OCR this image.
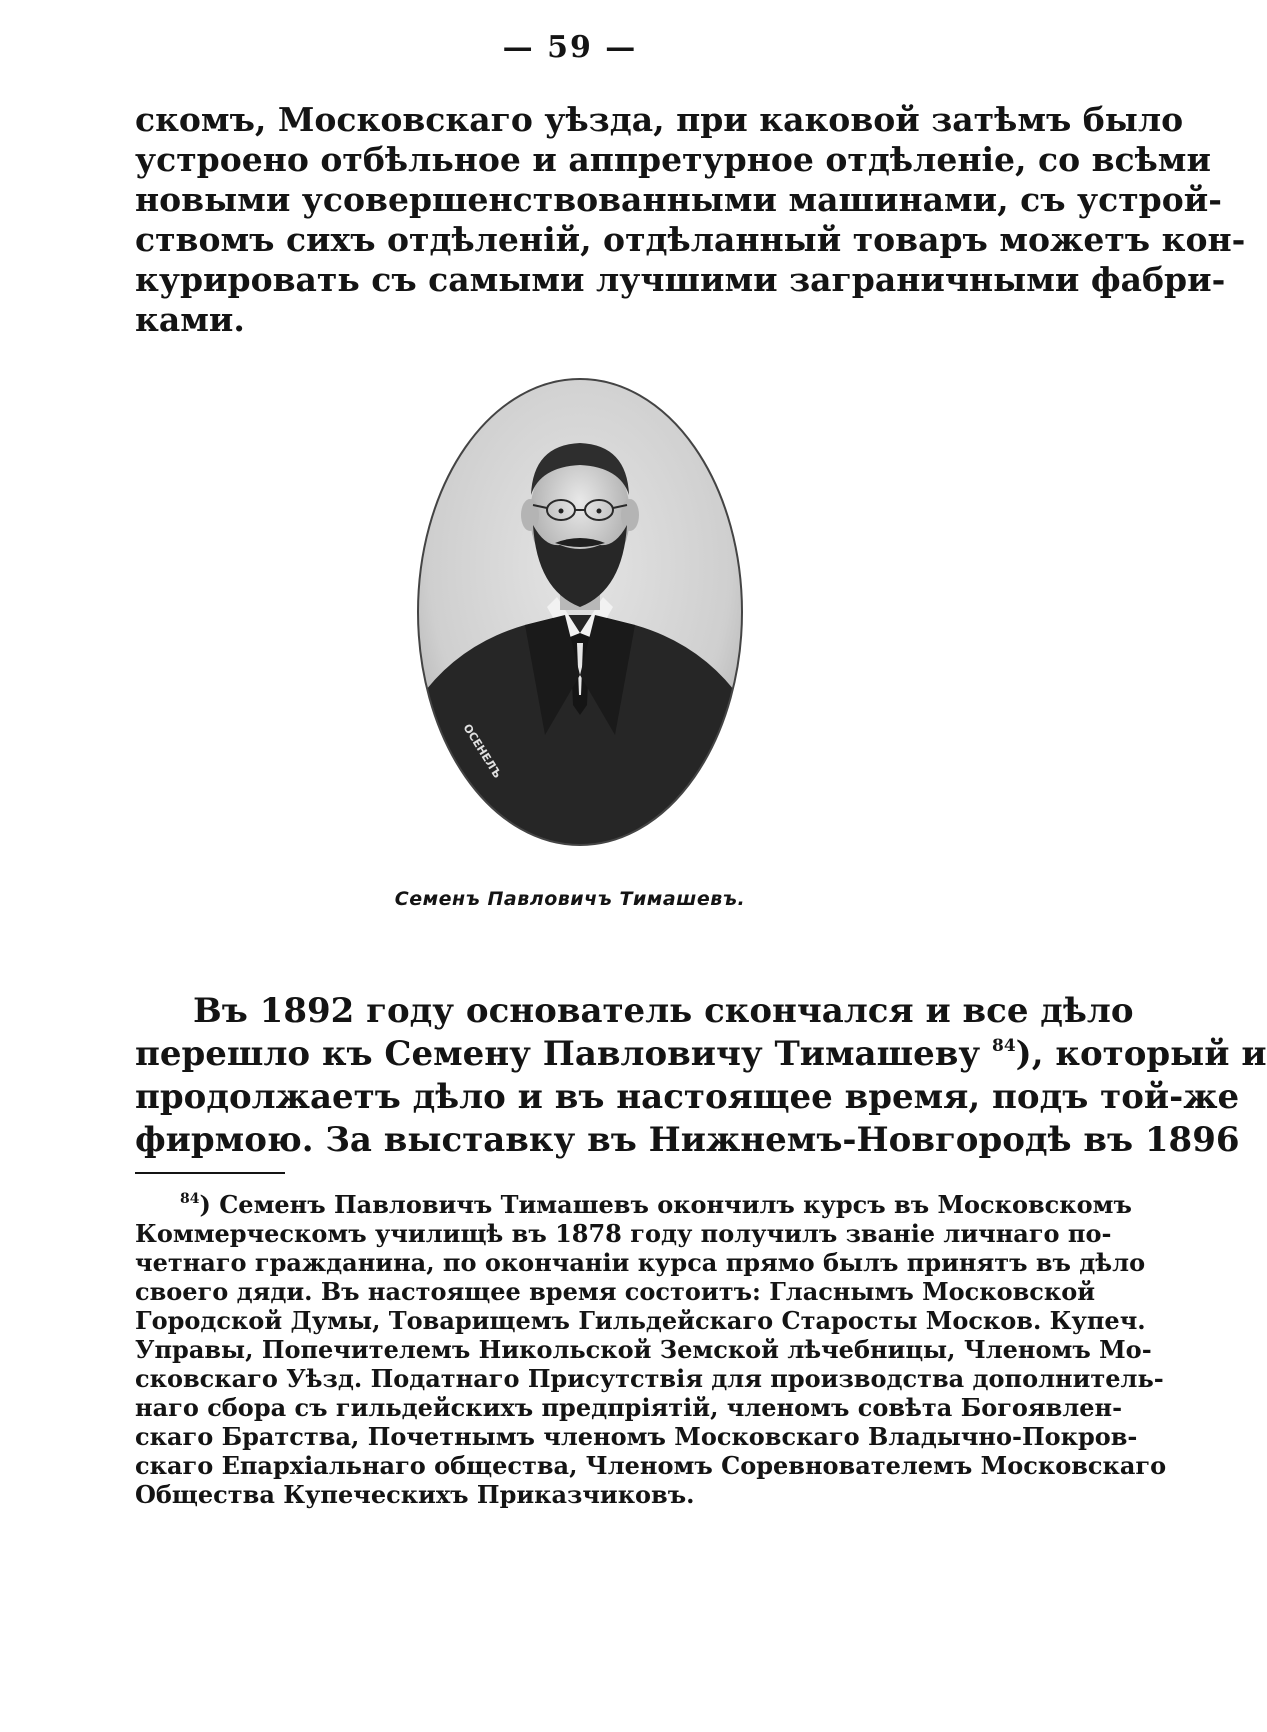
— 59 —
скомъ, Московскаго уѣзда, при каковой затѣмъ было
устроено отбѣльное и аппретурное отдѣленіе, со всѣми
новыми усовершенствованными машинами, съ устрой-
ствомъ сихъ отдѣленій, отдѣланный товаръ можетъ кон-
курировать съ самыми лучшими заграничными фабри-
ками.
ОСЕНЕЛЪ
Семенъ Павловичъ Тимашевъ.
Въ 1892 году основатель скончался и все дѣло
перешло къ Семену Павловичу Тимашеву $^{84}$), который и
продолжаетъ дѣло и въ настоящее время, подъ той-же
фирмою. За выставку въ Нижнемъ-Новгородѣ въ 1896
$^{84}$) Семенъ Павловичъ Тимашевъ окончилъ курсъ въ Московскомъ
Коммерческомъ училищѣ въ 1878 году получилъ званіе личнаго по-
четнаго гражданина, по окончаніи курса прямо былъ принятъ въ дѣло
своего дяди. Въ настоящее время состоитъ: Гласнымъ Московской
Городской Думы, Товарищемъ Гильдейскаго Старосты Москов. Купеч.
Управы, Попечителемъ Никольской Земской лѣчебницы, Членомъ Мо-
сковскаго Уѣзд. Податнаго Присутствія для производства дополнитель-
наго сбора съ гильдейскихъ предпріятій, членомъ совѣта Богоявлен-
скаго Братства, Почетнымъ членомъ Московскаго Владычно-Покров-
скаго Епархіальнаго общества, Членомъ Соревнователемъ Московскаго
Общества Купеческихъ Приказчиковъ.
